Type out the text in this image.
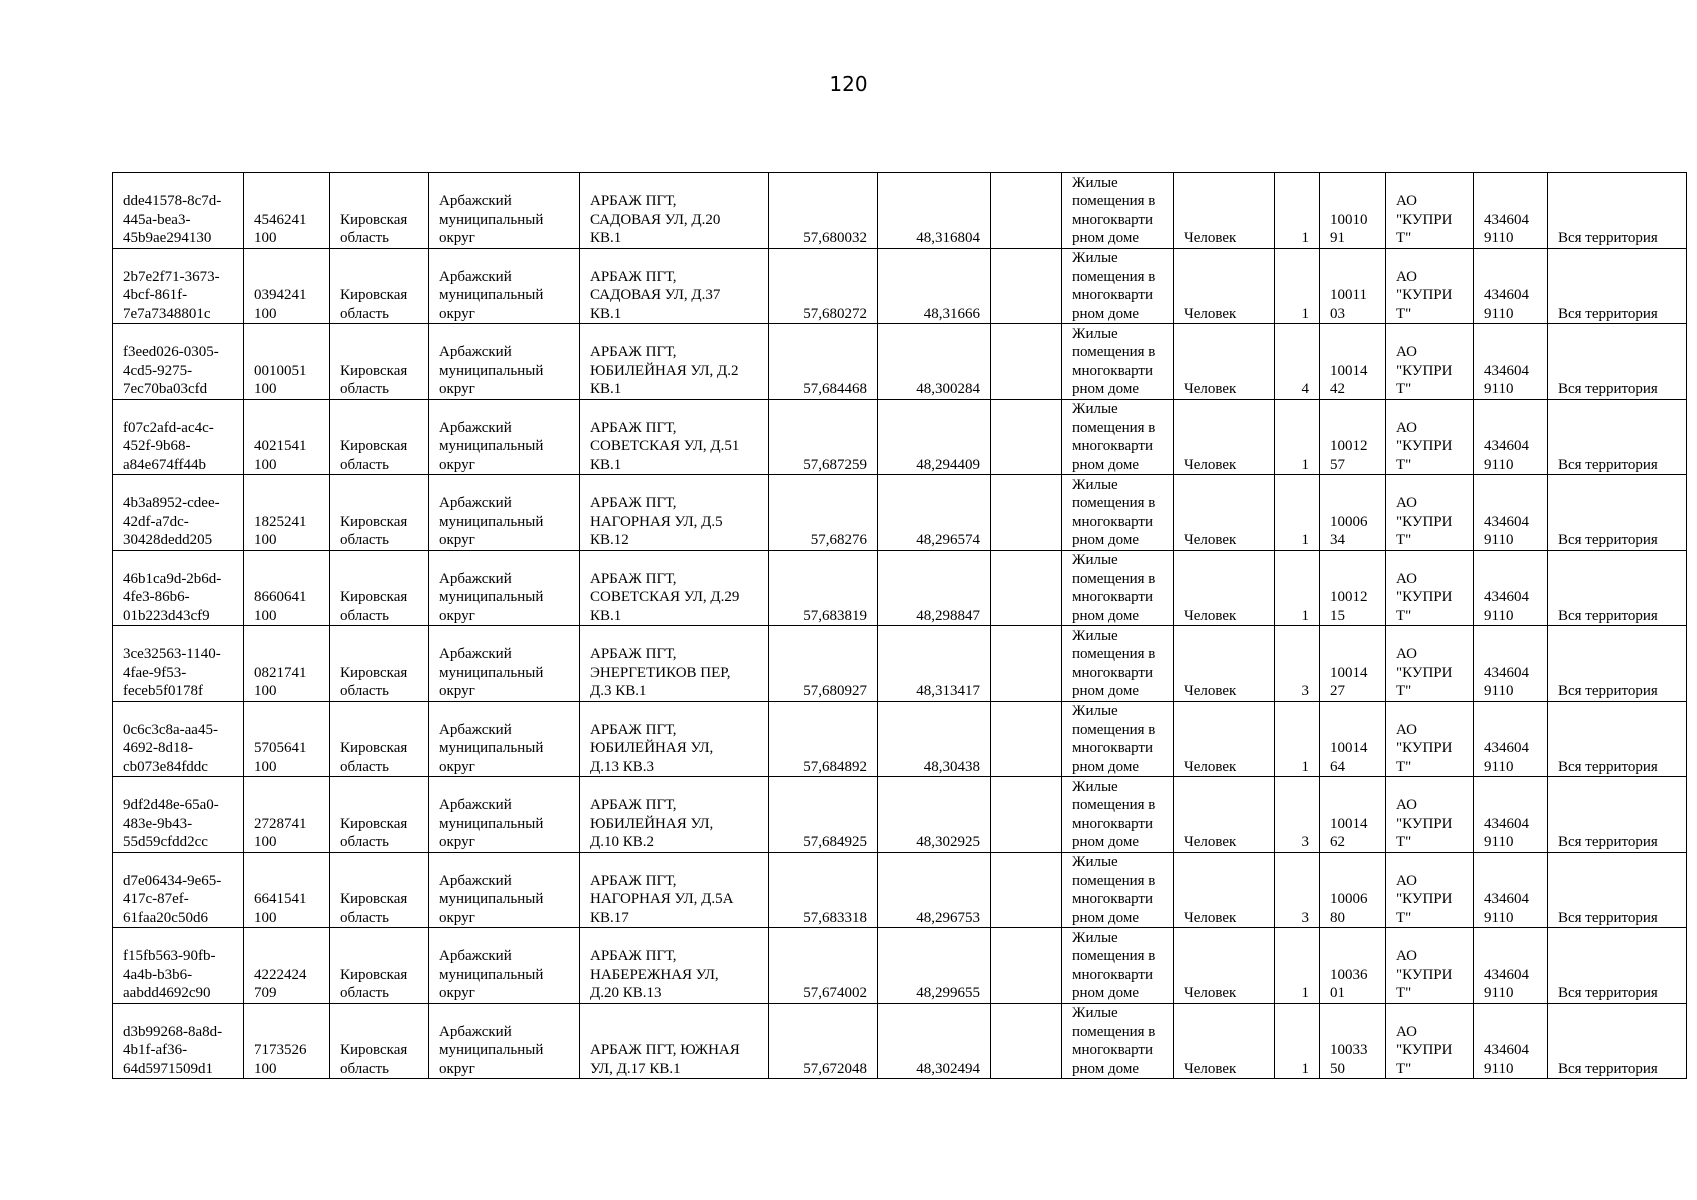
120
dde41578-8c7d-
445a-bea3-
45b9ae294130	4546241
100	Кировская
область	Арбажский
муниципальный
округ	АРБАЖ ПГТ,
САДОВАЯ УЛ, Д.20
КВ.1	57,680032	48,316804		Жилые
помещения в
многокварти
рном доме	Человек	1	10010
91	АО
"КУПРИ
Т"	434604
9110	Вся территория
2b7e2f71-3673-
4bcf-861f-
7e7a7348801c	0394241
100	Кировская
область	Арбажский
муниципальный
округ	АРБАЖ ПГТ,
САДОВАЯ УЛ, Д.37
КВ.1	57,680272	48,31666		Жилые
помещения в
многокварти
рном доме	Человек	1	10011
03	АО
"КУПРИ
Т"	434604
9110	Вся территория
f3eed026-0305-
4cd5-9275-
7ec70ba03cfd	0010051
100	Кировская
область	Арбажский
муниципальный
округ	АРБАЖ ПГТ,
ЮБИЛЕЙНАЯ УЛ, Д.2
КВ.1	57,684468	48,300284		Жилые
помещения в
многокварти
рном доме	Человек	4	10014
42	АО
"КУПРИ
Т"	434604
9110	Вся территория
f07c2afd-ac4c-
452f-9b68-
a84e674ff44b	4021541
100	Кировская
область	Арбажский
муниципальный
округ	АРБАЖ ПГТ,
СОВЕТСКАЯ УЛ, Д.51
КВ.1	57,687259	48,294409		Жилые
помещения в
многокварти
рном доме	Человек	1	10012
57	АО
"КУПРИ
Т"	434604
9110	Вся территория
4b3a8952-cdee-
42df-a7dc-
30428dedd205	1825241
100	Кировская
область	Арбажский
муниципальный
округ	АРБАЖ ПГТ,
НАГОРНАЯ УЛ, Д.5
КВ.12	57,68276	48,296574		Жилые
помещения в
многокварти
рном доме	Человек	1	10006
34	АО
"КУПРИ
Т"	434604
9110	Вся территория
46b1ca9d-2b6d-
4fe3-86b6-
01b223d43cf9	8660641
100	Кировская
область	Арбажский
муниципальный
округ	АРБАЖ ПГТ,
СОВЕТСКАЯ УЛ, Д.29
КВ.1	57,683819	48,298847		Жилые
помещения в
многокварти
рном доме	Человек	1	10012
15	АО
"КУПРИ
Т"	434604
9110	Вся территория
3ce32563-1140-
4fae-9f53-
feceb5f0178f	0821741
100	Кировская
область	Арбажский
муниципальный
округ	АРБАЖ ПГТ,
ЭНЕРГЕТИКОВ ПЕР,
Д.3 КВ.1	57,680927	48,313417		Жилые
помещения в
многокварти
рном доме	Человек	3	10014
27	АО
"КУПРИ
Т"	434604
9110	Вся территория
0c6c3c8a-aa45-
4692-8d18-
cb073e84fddc	5705641
100	Кировская
область	Арбажский
муниципальный
округ	АРБАЖ ПГТ,
ЮБИЛЕЙНАЯ УЛ,
Д.13 КВ.3	57,684892	48,30438		Жилые
помещения в
многокварти
рном доме	Человек	1	10014
64	АО
"КУПРИ
Т"	434604
9110	Вся территория
9df2d48e-65a0-
483e-9b43-
55d59cfdd2cc	2728741
100	Кировская
область	Арбажский
муниципальный
округ	АРБАЖ ПГТ,
ЮБИЛЕЙНАЯ УЛ,
Д.10 КВ.2	57,684925	48,302925		Жилые
помещения в
многокварти
рном доме	Человек	3	10014
62	АО
"КУПРИ
Т"	434604
9110	Вся территория
d7e06434-9e65-
417c-87ef-
61faa20c50d6	6641541
100	Кировская
область	Арбажский
муниципальный
округ	АРБАЖ ПГТ,
НАГОРНАЯ УЛ, Д.5А
КВ.17	57,683318	48,296753		Жилые
помещения в
многокварти
рном доме	Человек	3	10006
80	АО
"КУПРИ
Т"	434604
9110	Вся территория
f15fb563-90fb-
4a4b-b3b6-
aabdd4692c90	4222424
709	Кировская
область	Арбажский
муниципальный
округ	АРБАЖ ПГТ,
НАБЕРЕЖНАЯ УЛ,
Д.20 КВ.13	57,674002	48,299655		Жилые
помещения в
многокварти
рном доме	Человек	1	10036
01	АО
"КУПРИ
Т"	434604
9110	Вся территория
d3b99268-8a8d-
4b1f-af36-
64d5971509d1	7173526
100	Кировская
область	Арбажский
муниципальный
округ	АРБАЖ ПГТ, ЮЖНАЯ
УЛ, Д.17 КВ.1	57,672048	48,302494		Жилые
помещения в
многокварти
рном доме	Человек	1	10033
50	АО
"КУПРИ
Т"	434604
9110	Вся территория
